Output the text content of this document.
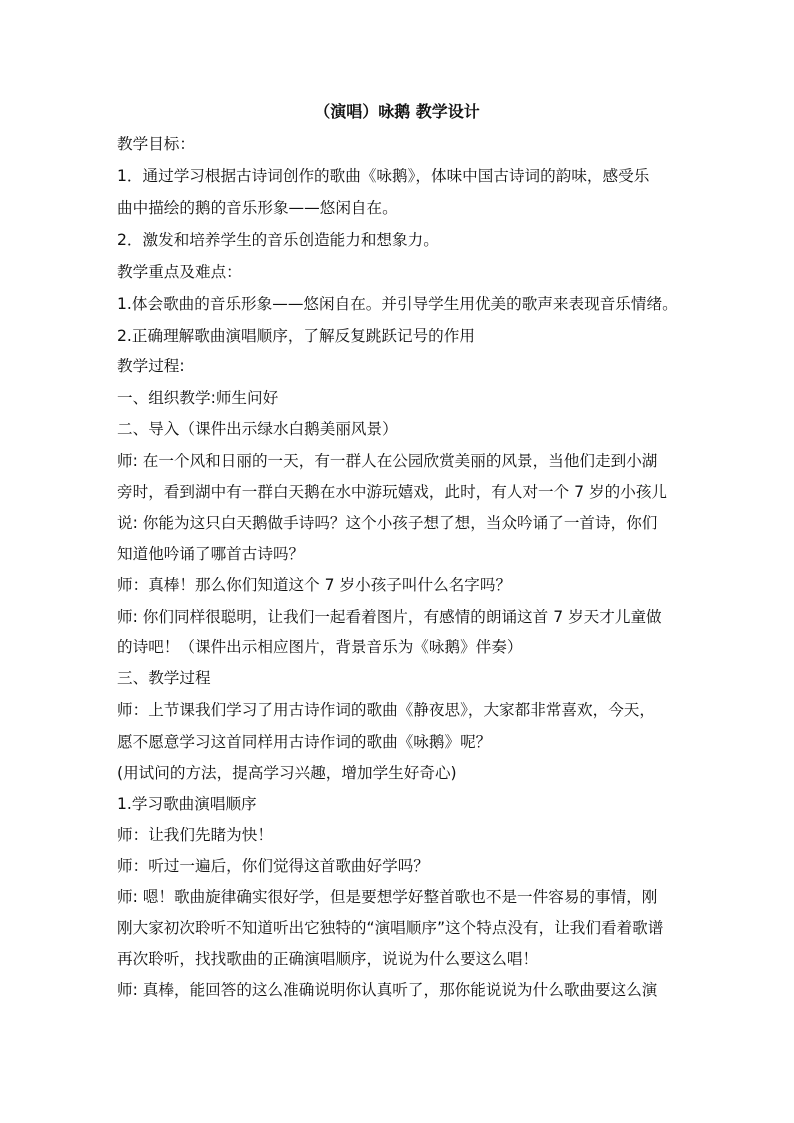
（演唱）咏鹅 教学设计
教学目标：
1．通过学习根据古诗词创作的歌曲《咏鹅》，体味中国古诗词的韵味，感受乐
曲中描绘的鹅的音乐形象——悠闲自在。
2．激发和培养学生的音乐创造能力和想象力。
教学重点及难点：
1.体会歌曲的音乐形象——悠闲自在。并引导学生用优美的歌声来表现音乐情绪。
2.正确理解歌曲演唱顺序，了解反复跳跃记号的作用
教学过程:
一、组织教学:师生问好
二、导入（课件出示绿水白鹅美丽风景）
师: 在一个风和日丽的一天，有一群人在公园欣赏美丽的风景，当他们走到小湖
旁时，看到湖中有一群白天鹅在水中游玩嬉戏，此时，有人对一个 7 岁的小孩儿
说: 你能为这只白天鹅做手诗吗？这个小孩子想了想，当众吟诵了一首诗，你们
知道他吟诵了哪首古诗吗？
师：真棒！那么你们知道这个 7 岁小孩子叫什么名字吗？
师: 你们同样很聪明，让我们一起看着图片，有感情的朗诵这首 7 岁天才儿童做
的诗吧！（课件出示相应图片，背景音乐为《咏鹅》伴奏）
三、教学过程
师：上节课我们学习了用古诗作词的歌曲《静夜思》，大家都非常喜欢，今天，
愿不愿意学习这首同样用古诗作词的歌曲《咏鹅》呢？
(用试问的方法，提高学习兴趣，增加学生好奇心)
1.学习歌曲演唱顺序
师：让我们先睹为快！
师：听过一遍后，你们觉得这首歌曲好学吗？
师: 嗯！歌曲旋律确实很好学，但是要想学好整首歌也不是一件容易的事情，刚
刚大家初次聆听不知道听出它独特的“演唱顺序”这个特点没有，让我们看着歌谱
再次聆听，找找歌曲的正确演唱顺序，说说为什么要这么唱！
师: 真棒，能回答的这么准确说明你认真听了，那你能说说为什么歌曲要这么演
